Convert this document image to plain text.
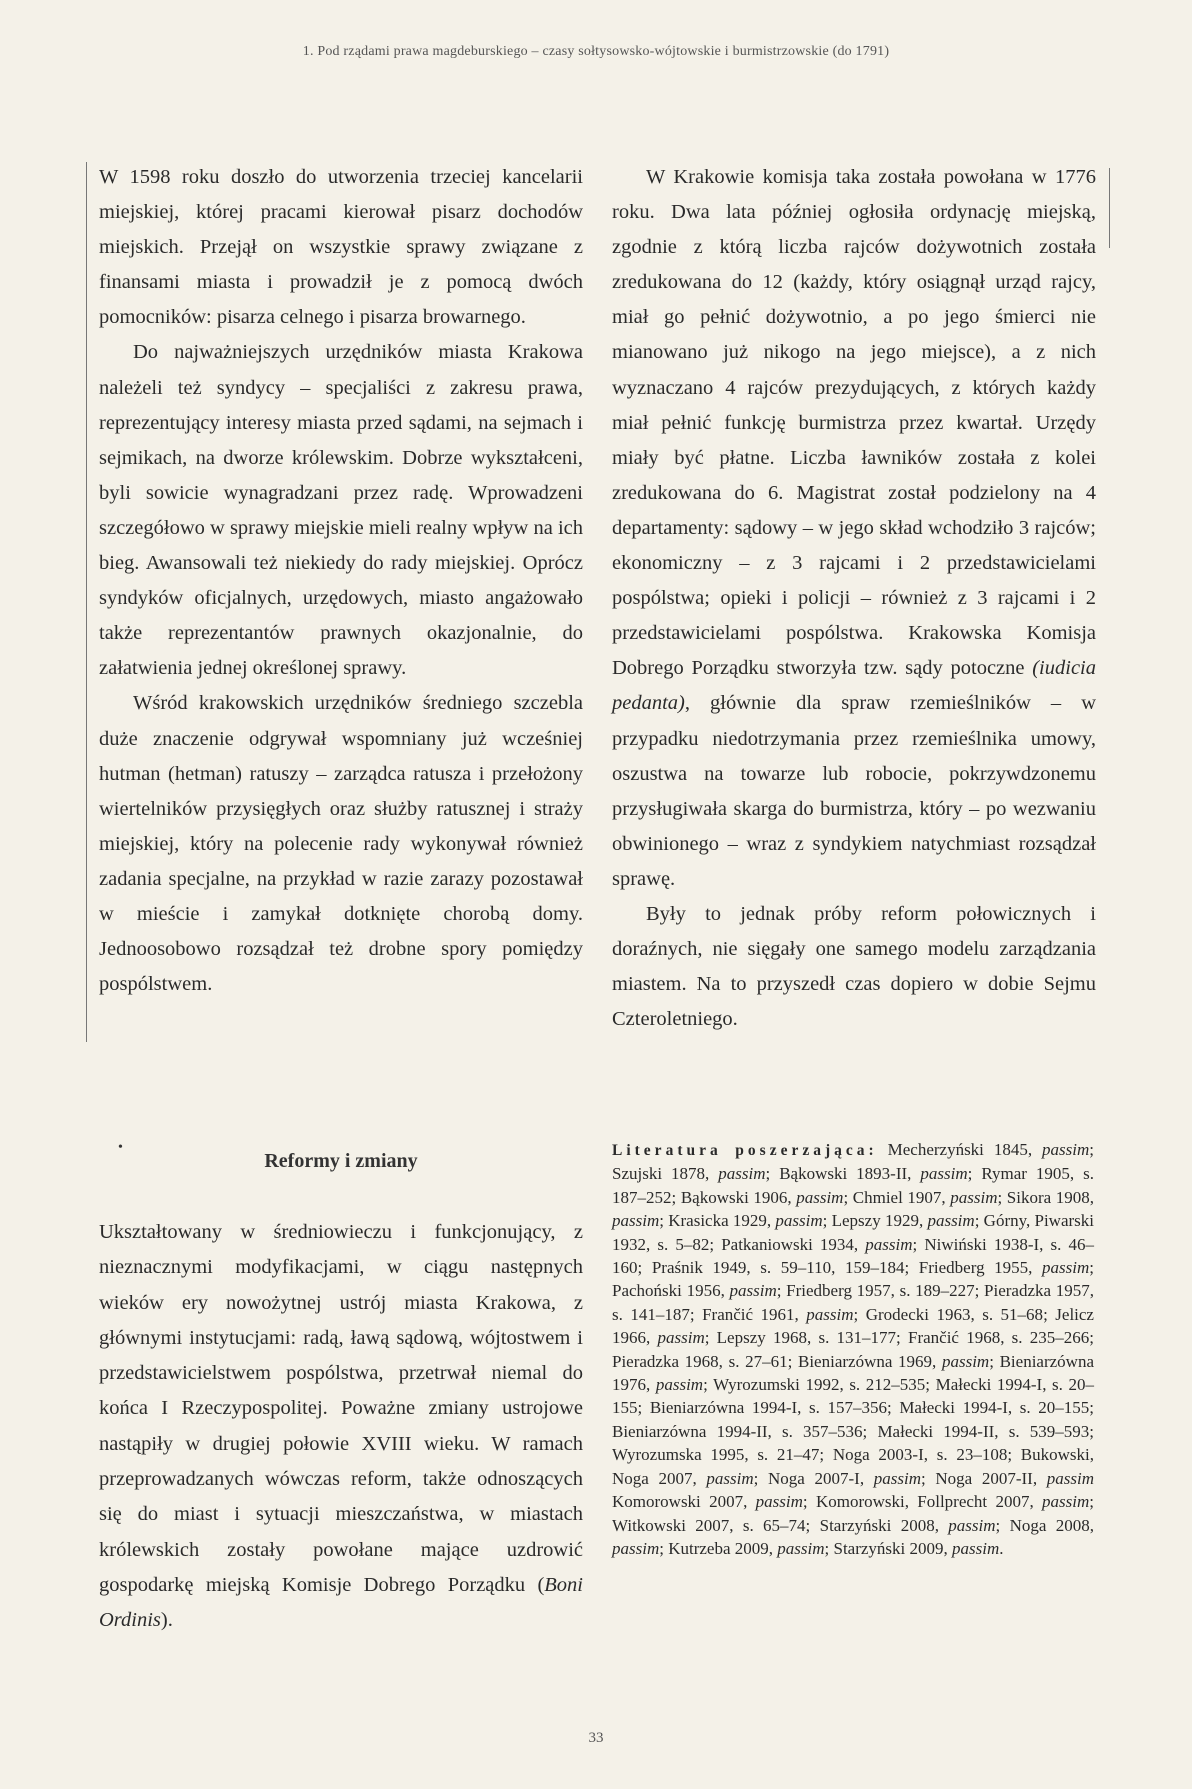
1. Pod rządami prawa magdeburskiego – czasy sołtysowsko-wójtowskie i burmistrzowskie (do 1791)

W 1598 roku doszło do utworzenia trzeciej kancelarii miejskiej, której pracami kierował pisarz dochodów miejskich. Przejął on wszystkie sprawy związane z finansami miasta i prowadził je z pomocą dwóch pomocników: pisarza celnego i pisarza browarnego.

Do najważniejszych urzędników miasta Krakowa należeli też syndycy – specjaliści z zakresu prawa, reprezentujący interesy miasta przed sądami, na sejmach i sejmikach, na dworze królewskim. Dobrze wykształceni, byli sowicie wynagradzani przez radę. Wprowadzeni szczegółowo w sprawy miejskie mieli realny wpływ na ich bieg. Awansowali też niekiedy do rady miejskiej. Oprócz syndyków oficjalnych, urzędowych, miasto angażowało także reprezentantów prawnych okazjonalnie, do załatwienia jednej określonej sprawy.

Wśród krakowskich urzędników średniego szczebla duże znaczenie odgrywał wspomniany już wcześniej hutman (hetman) ratuszy – zarządca ratusza i przełożony wiertelników przysięgłych oraz służby ratusznej i straży miejskiej, który na polecenie rady wykonywał również zadania specjalne, na przykład w razie zarazy pozostawał w mieście i zamykał dotknięte chorobą domy. Jednoosobowo rozsądzał też drobne spory pomiędzy pospólstwem.

W Krakowie komisja taka została powołana w 1776 roku. Dwa lata później ogłosiła ordynację miejską, zgodnie z którą liczba rajców dożywotnich została zredukowana do 12 (każdy, który osiągnął urząd rajcy, miał go pełnić dożywotnio, a po jego śmierci nie mianowano już nikogo na jego miejsce), a z nich wyznaczano 4 rajców prezydujących, z których każdy miał pełnić funkcję burmistrza przez kwartał. Urzędy miały być płatne. Liczba ławników została z kolei zredukowana do 6. Magistrat został podzielony na 4 departamenty: sądowy – w jego skład wchodziło 3 rajców; ekonomiczny – z 3 rajcami i 2 przedstawicielami pospólstwa; opieki i policji – również z 3 rajcami i 2 przedstawicielami pospólstwa. Krakowska Komisja Dobrego Porządku stworzyła tzw. sądy potoczne (iudicia pedanta), głównie dla spraw rzemieślników – w przypadku niedotrzymania przez rzemieślnika umowy, oszustwa na towarze lub robocie, pokrzywdzonemu przysługiwała skarga do burmistrza, który – po wezwaniu obwinionego – wraz z syndykiem natychmiast rozsądzał sprawę.

Były to jednak próby reform połowicznych i doraźnych, nie sięgały one samego modelu zarządzania miastem. Na to przyszedł czas dopiero w dobie Sejmu Czteroletniego.

•
Reformy i zmiany

Ukształtowany w średniowieczu i funkcjonujący, z nieznacznymi modyfikacjami, w ciągu następnych wieków ery nowożytnej ustrój miasta Krakowa, z głównymi instytucjami: radą, ławą sądową, wójtostwem i przedstawicielstwem pospólstwa, przetrwał niemal do końca I Rzeczypospolitej. Poważne zmiany ustrojowe nastąpiły w drugiej połowie XVIII wieku. W ramach przeprowadzanych wówczas reform, także odnoszących się do miast i sytuacji mieszczaństwa, w miastach królewskich zostały powołane mające uzdrowić gospodarkę miejską Komisje Dobrego Porządku (Boni Ordinis).

Literatura poszerzająca: Mecherzyński 1845, passim; Szujski 1878, passim; Bąkowski 1893-II, passim; Rymar 1905, s. 187–252; Bąkowski 1906, passim; Chmiel 1907, passim; Sikora 1908, passim; Krasicka 1929, passim; Lepszy 1929, passim; Górny, Piwarski 1932, s. 5–82; Patkaniowski 1934, passim; Niwiński 1938-I, s. 46–160; Praśnik 1949, s. 59–110, 159–184; Friedberg 1955, passim; Pachoński 1956, passim; Friedberg 1957, s. 189–227; Pieradzka 1957, s. 141–187; Frančić 1961, passim; Grodecki 1963, s. 51–68; Jelicz 1966, passim; Lepszy 1968, s. 131–177; Frančić 1968, s. 235–266; Pieradzka 1968, s. 27–61; Bieniarzówna 1969, passim; Bieniarzówna 1976, passim; Wyrozumski 1992, s. 212–535; Małecki 1994-I, s. 20–155; Bieniarzówna 1994-I, s. 157–356; Małecki 1994-I, s. 20–155; Bieniarzówna 1994-II, s. 357–536; Małecki 1994-II, s. 539–593; Wyrozumska 1995, s. 21–47; Noga 2003-I, s. 23–108; Bukowski, Noga 2007, passim; Noga 2007-I, passim; Noga 2007-II, passim Komorowski 2007, passim; Komorowski, Follprecht 2007, passim; Witkowski 2007, s. 65–74; Starzyński 2008, passim; Noga 2008, passim; Kutrzeba 2009, passim; Starzyński 2009, passim.
33
